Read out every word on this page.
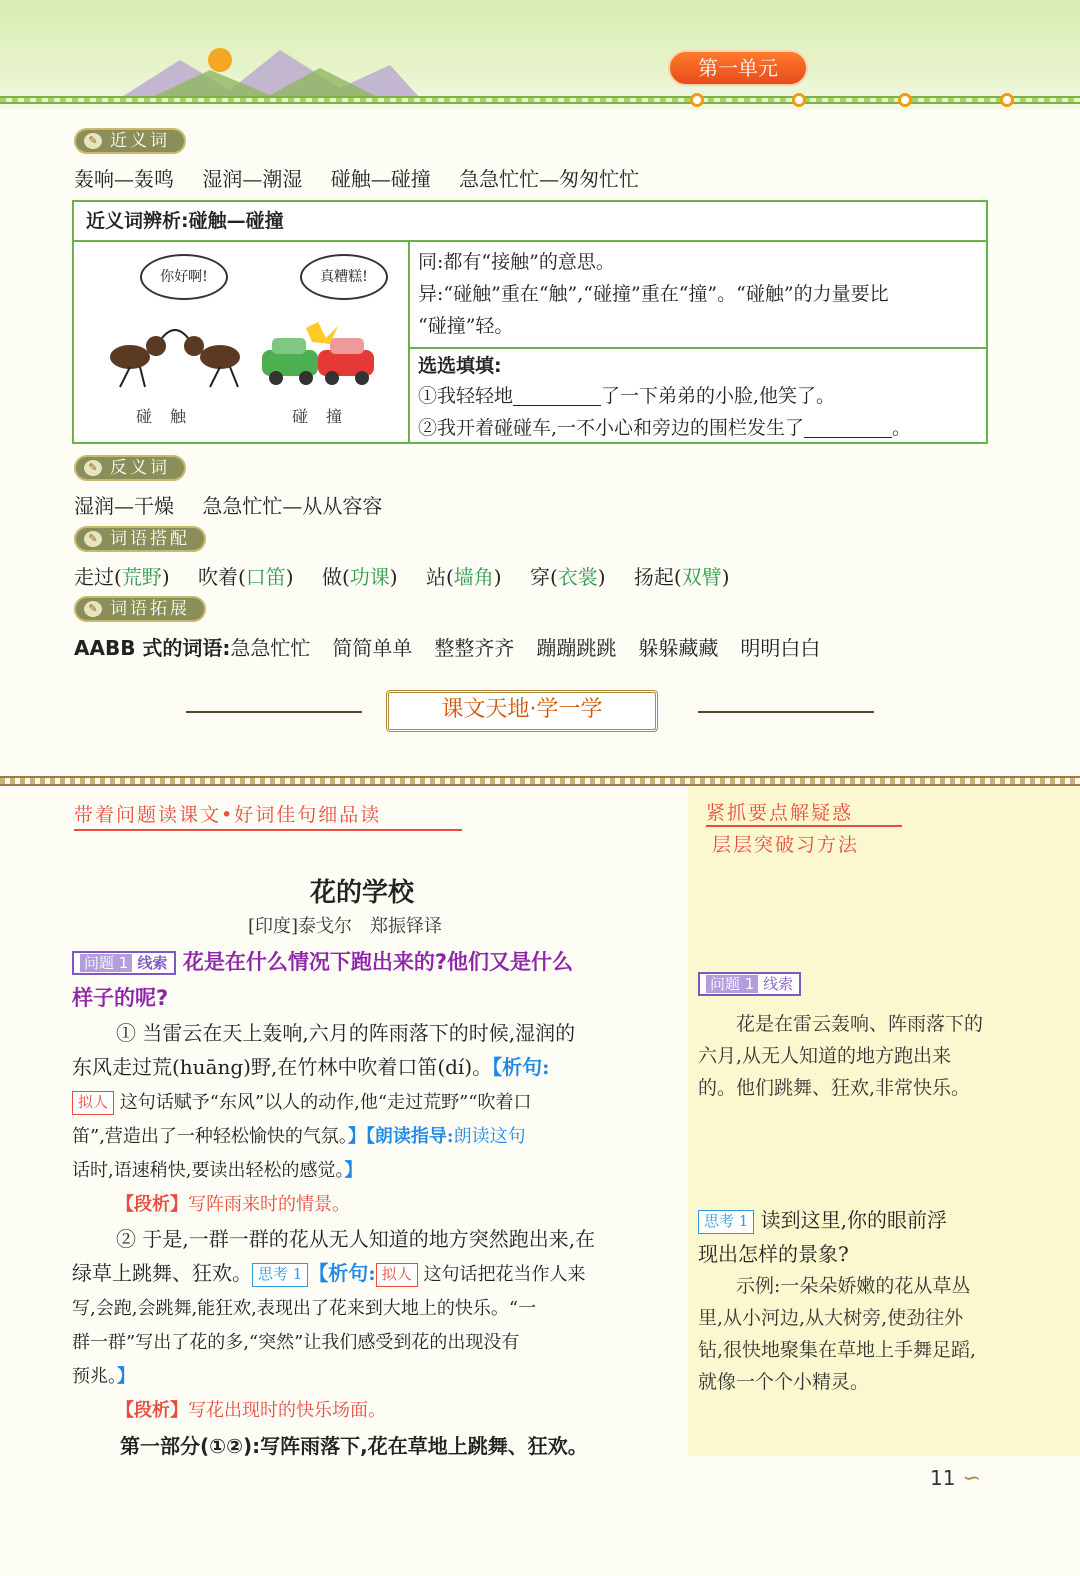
第一单元
✎ 近义词
轰响—轰鸣 湿润—潮湿 碰触—碰撞 急急忙忙—匆匆忙忙
近义词辨析:碰触—碰撞
你好啊!	真糟糕!
碰触	碰撞
同:都有“接触”的意思。
异:“碰触”重在“触”,“碰撞”重在“撞”。“碰触”的力量要比
“碰撞”轻。
选选填填:
①我轻轻地	了一下弟弟的小脸,他笑了。
②我开着碰碰车,一不小心和旁边的围栏发生了	。
✎ 反义词
湿润—干燥 急急忙忙—从从容容
✎ 词语搭配
走过(荒野) 吹着(口笛) 做(功课) 站(墙角) 穿(衣裳) 扬起(双臂)
✎ 词语拓展
AABB 式的词语:急急忙忙 简简单单 整整齐齐 蹦蹦跳跳 躲躲藏藏 明明白白
课文天地·学一学
带着问题读课文•好词佳句细品读	紧抓要点解疑惑
层层突破习方法
花的学校
[印度]泰戈尔　郑振铎译
问题 1 线索 花是在什么情况下跑出来的?他们又是什么
样子的呢?
① 当雷云在天上轰响,六月的阵雨落下的时候,湿润的
东风走过荒(huāng)野,在竹林中吹着口笛(dí)。【析句:
拟人 这句话赋予“东风”以人的动作,他“走过荒野”“吹着口
笛”,营造出了一种轻松愉快的气氛。】【朗读指导:朗读这句
话时,语速稍快,要读出轻松的感觉。】
【段析】写阵雨来时的情景。
② 于是,一群一群的花从无人知道的地方突然跑出来,在
绿草上跳舞、狂欢。 思考 1 【析句: 拟人 这句话把花当作人来
写,会跑,会跳舞,能狂欢,表现出了花来到大地上的快乐。“一
群一群”写出了花的多,“突然”让我们感受到花的出现没有
预兆。】
【段析】写花出现时的快乐场面。
第一部分(①②):写阵雨落下,花在草地上跳舞、狂欢。
问题 1 线索
花是在雷云轰响、阵雨落下的六月,从无人知道的地方跑出来的。他们跳舞、狂欢,非常快乐。
思考 1 读到这里,你的眼前浮
现出怎样的景象?
示例:一朵朵娇嫩的花从草丛里,从小河边,从大树旁,使劲往外钻,很快地聚集在草地上手舞足蹈,就像一个个小精灵。
11 ∽
